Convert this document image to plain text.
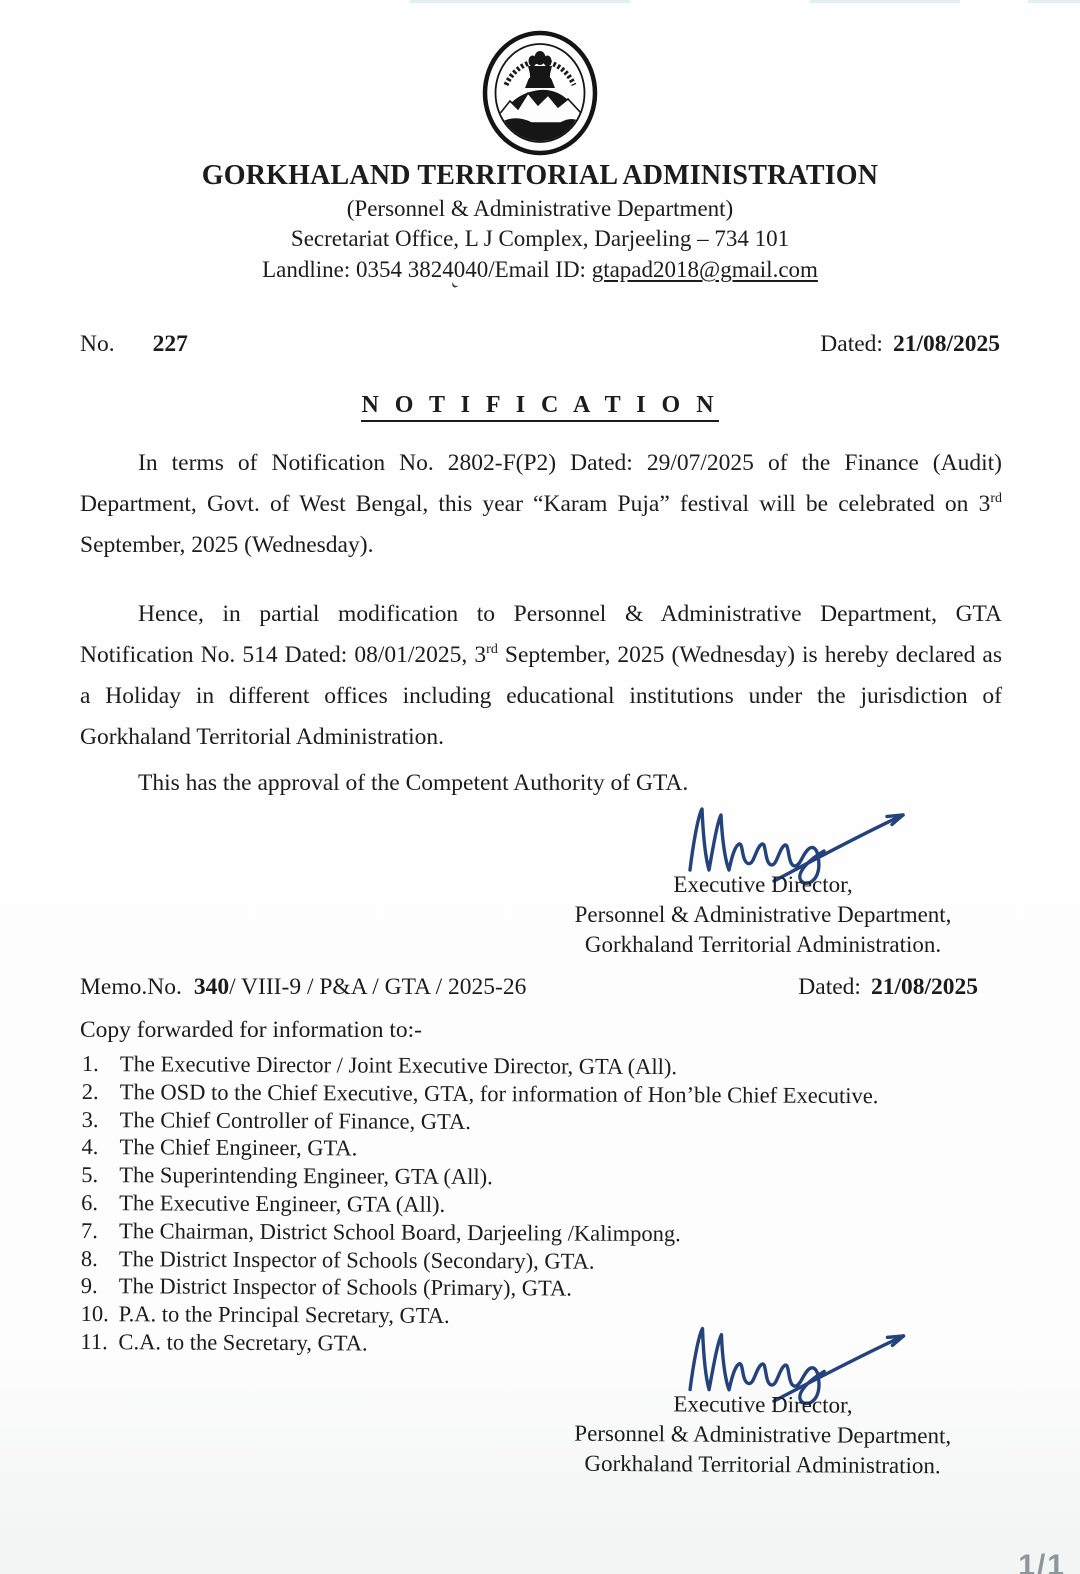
GORKHALAND TERRITORIAL ADMINISTRATION
(Personnel & Administrative Department)
Secretariat Office, L J Complex, Darjeeling – 734 101
Landline: 0354 3824040/Email ID: gtapad2018@gmail.com
No. 227	Dated: 21/08/2025
N O T I F I C A T I O N

In terms of Notification No. 2802-F(P2) Dated: 29/07/2025 of the Finance (Audit) Department, Govt. of West Bengal, this year “Karam Puja” festival will be celebrated on 3rd September, 2025 (Wednesday).

Hence, in partial modification to Personnel & Administrative Department, GTA Notification No. 514 Dated: 08/01/2025, 3rd September, 2025 (Wednesday) is hereby declared as a Holiday in different offices including educational institutions under the jurisdiction of Gorkhaland Territorial Administration.

This has the approval of the Competent Authority of GTA.

Executive Director,
Personnel & Administrative Department,
Gorkhaland Territorial Administration.
Memo.No. 340/ VIII-9 / P&A / GTA / 2025-26	Dated: 21/08/2025
Copy forwarded for information to:-
1. The Executive Director / Joint Executive Director, GTA (All).
2. The OSD to the Chief Executive, GTA, for information of Hon’ble Chief Executive.
3. The Chief Controller of Finance, GTA.
4. The Chief Engineer, GTA.
5. The Superintending Engineer, GTA (All).
6. The Executive Engineer, GTA (All).
7. The Chairman, District School Board, Darjeeling /Kalimpong.
8. The District Inspector of Schools (Secondary), GTA.
9. The District Inspector of Schools (Primary), GTA.
10. P.A. to the Principal Secretary, GTA.
11. C.A. to the Secretary, GTA.
Executive Director,
Personnel & Administrative Department,
Gorkhaland Territorial Administration.
1/1
